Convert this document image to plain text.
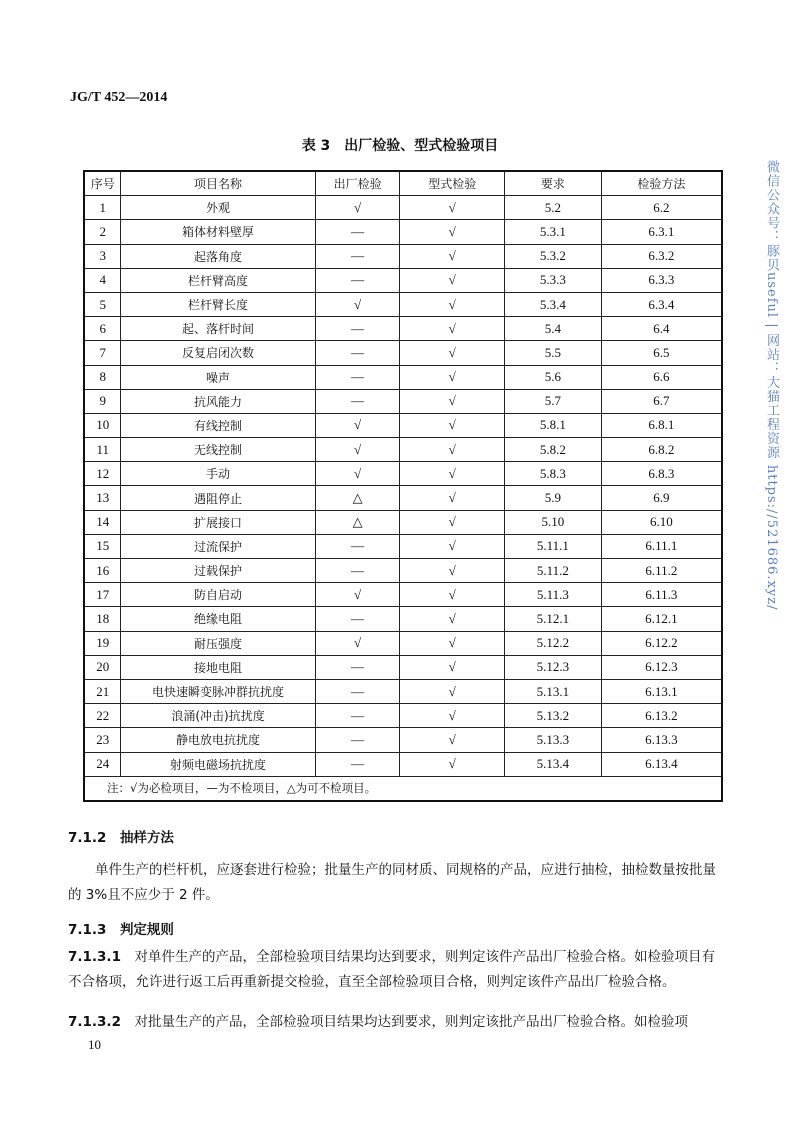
JG/T 452—2014
表 3　出厂检验、型式检验项目
序号	项目名称	出厂检验	型式检验	要求	检验方法
1	外观	√	√	5.2	6.2
2	箱体材料壁厚	—	√	5.3.1	6.3.1
3	起落角度	—	√	5.3.2	6.3.2
4	栏杆臂高度	—	√	5.3.3	6.3.3
5	栏杆臂长度	√	√	5.3.4	6.3.4
6	起、落杆时间	—	√	5.4	6.4
7	反复启闭次数	—	√	5.5	6.5
8	噪声	—	√	5.6	6.6
9	抗风能力	—	√	5.7	6.7
10	有线控制	√	√	5.8.1	6.8.1
11	无线控制	√	√	5.8.2	6.8.2
12	手动	√	√	5.8.3	6.8.3
13	遇阻停止	△	√	5.9	6.9
14	扩展接口	△	√	5.10	6.10
15	过流保护	—	√	5.11.1	6.11.1
16	过载保护	—	√	5.11.2	6.11.2
17	防自启动	√	√	5.11.3	6.11.3
18	绝缘电阻	—	√	5.12.1	6.12.1
19	耐压强度	√	√	5.12.2	6.12.2
20	接地电阻	—	√	5.12.3	6.12.3
21	电快速瞬变脉冲群抗扰度	—	√	5.13.1	6.13.1
22	浪涌(冲击)抗扰度	—	√	5.13.2	6.13.2
23	静电放电抗扰度	—	√	5.13.3	6.13.3
24	射频电磁场抗扰度	—	√	5.13.4	6.13.4
注：√为必检项目，—为不检项目，△为可不检项目。					
7.1.2　 抽样方法
单件生产的栏杆机，应逐套进行检验；批量生产的同材质、同规格的产品，应进行抽检，抽检数量按批量的 3%且不应少于 2 件。
7.1.3　 判定规则
7.1.3.1　 对单件生产的产品，全部检验项目结果均达到要求，则判定该件产品出厂检验合格。如检验项目有不合格项，允许进行返工后再重新提交检验，直至全部检验项目合格，则判定该件产品出厂检验合格。
7.1.3.2　 对批量生产的产品，全部检验项目结果均达到要求，则判定该批产品出厂检验合格。如检验项
10
微信公众号：豚贝useful | 网站：大猫工程资源 https://521686.xyz/
